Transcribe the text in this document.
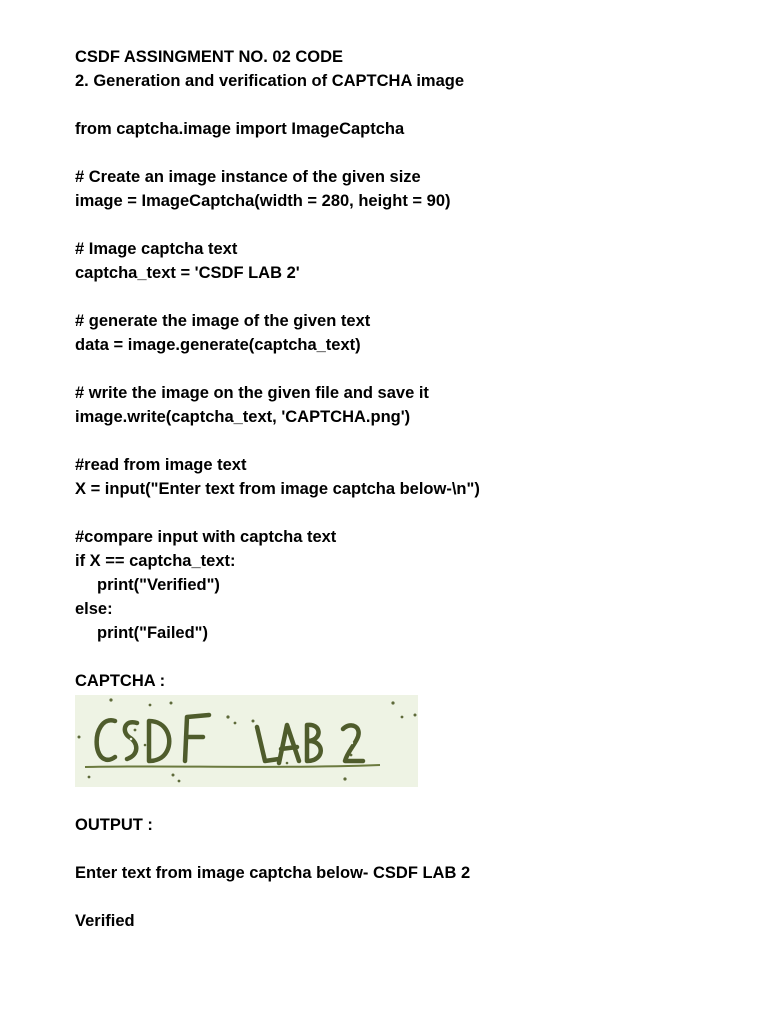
CSDF ASSINGMENT NO. 02 CODE
2. Generation and verification of CAPTCHA image
from captcha.image import ImageCaptcha
# Create an image instance of the given size
image = ImageCaptcha(width = 280, height = 90)
# Image captcha text
captcha_text = 'CSDF LAB 2'
# generate the image of the given text
data = image.generate(captcha_text)
# write the image on the given file and save it
image.write(captcha_text, 'CAPTCHA.png')
#read from image text
X = input("Enter text from image captcha below-\n")
#compare input with captcha text
if X == captcha_text:
print("Verified")
else:
print("Failed")
CAPTCHA :
OUTPUT :
Enter text from image captcha below- CSDF LAB 2
Verified
